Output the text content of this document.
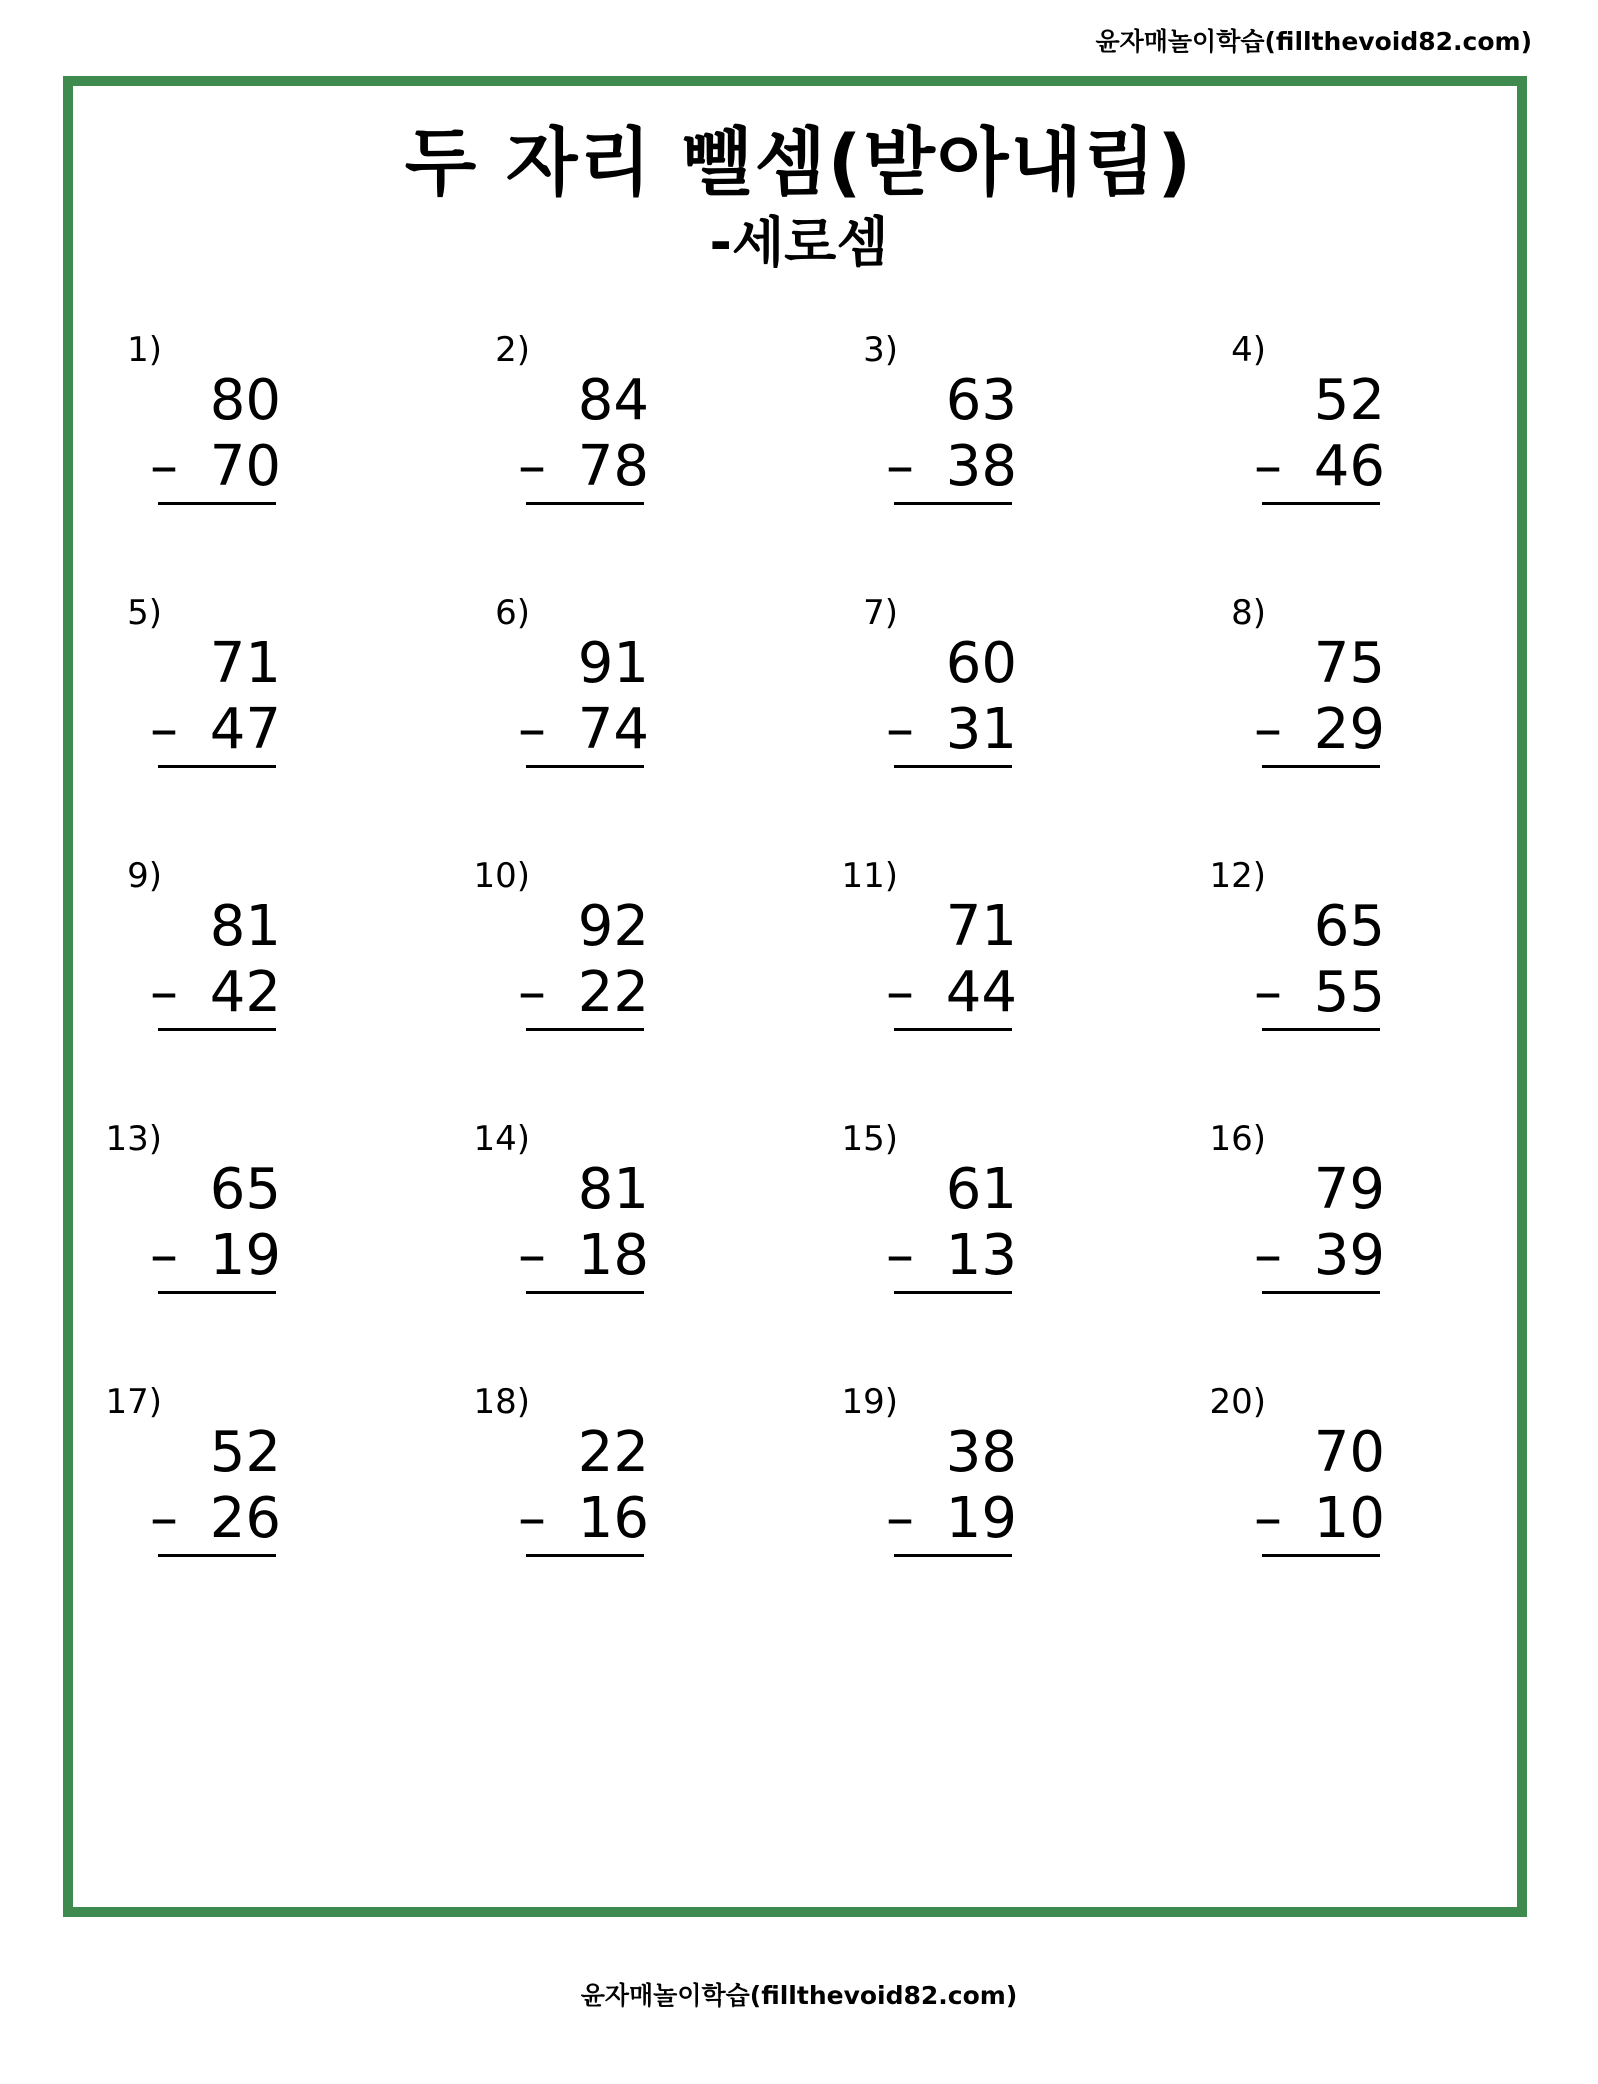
윤자매놀이학습(fillthevoid82.com)
두 자리 뺄셈(받아내림)
-세로셈
1)
80
– 70
2)
84
– 78
3)
63
– 38
4)
52
– 46
5)
71
– 47
6)
91
– 74
7)
60
– 31
8)
75
– 29
9)
81
– 42
10)
92
– 22
11)
71
– 44
12)
65
– 55
13)
65
– 19
14)
81
– 18
15)
61
– 13
16)
79
– 39
17)
52
– 26
18)
22
– 16
19)
38
– 19
20)
70
– 10
윤자매놀이학습(fillthevoid82.com)
